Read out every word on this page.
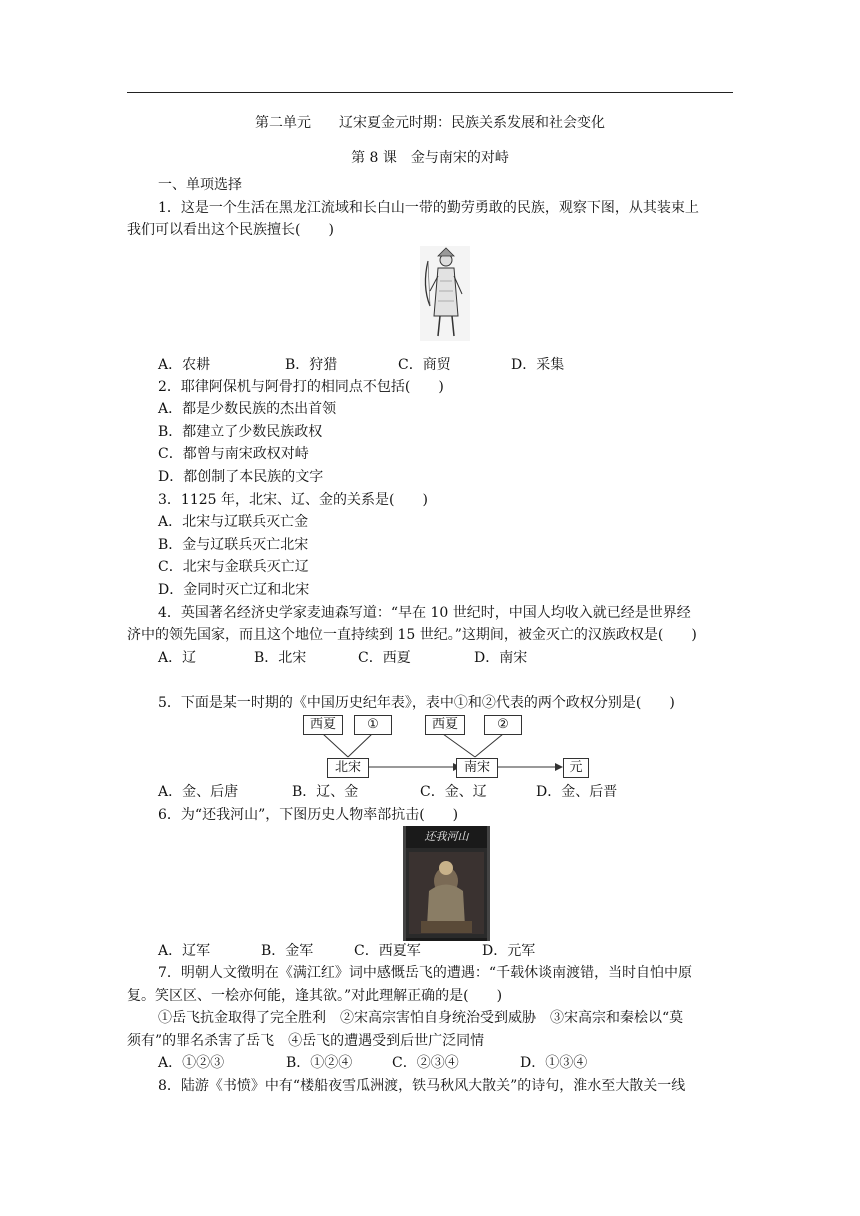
第二单元　　辽宋夏金元时期：民族关系发展和社会变化
第 8 课　金与南宋的对峙
一、单项选择
1．这是一个生活在黑龙江流域和长白山一带的勤劳勇敢的民族，观察下图，从其装束上
我们可以看出这个民族擅长(　　)
A．农耕	B．狩猎	C．商贸	D．采集
2．耶律阿保机与阿骨打的相同点不包括(　　)
A．都是少数民族的杰出首领
B．都建立了少数民族政权
C．都曾与南宋政权对峙
D．都创制了本民族的文字
3．1125 年，北宋、辽、金的关系是(　　)
A．北宋与辽联兵灭亡金
B．金与辽联兵灭亡北宋
C．北宋与金联兵灭亡辽
D．金同时灭亡辽和北宋
4．英国著名经济史学家麦迪森写道：“早在 10 世纪时，中国人均收入就已经是世界经
济中的领先国家，而且这个地位一直持续到 15 世纪。”这期间，被金灭亡的汉族政权是(　　)
A．辽	B．北宋	C．西夏	D．南宋
5．下面是某一时期的《中国历史纪年表》，表中①和②代表的两个政权分别是(　　)
西夏	①	西夏	②
北宋	南宋	元
A．金、后唐	B．辽、金	C．金、辽	D．金、后晋
6．为“还我河山”，下图历史人物率部抗击(　　)
还我河山
A．辽军	B．金军	C．西夏军	D．元军
7．明朝人文徵明在《满江红》词中感慨岳飞的遭遇：“千载休谈南渡错，当时自怕中原
复。笑区区、一桧亦何能，逢其欲。”对此理解正确的是(　　)
①岳飞抗金取得了完全胜利　②宋高宗害怕自身统治受到威胁　③宋高宗和秦桧以“莫
须有”的罪名杀害了岳飞　④岳飞的遭遇受到后世广泛同情
A．①②③	B．①②④	C．②③④	D．①③④
8．陆游《书愤》中有“楼船夜雪瓜洲渡，铁马秋风大散关”的诗句，淮水至大散关一线
